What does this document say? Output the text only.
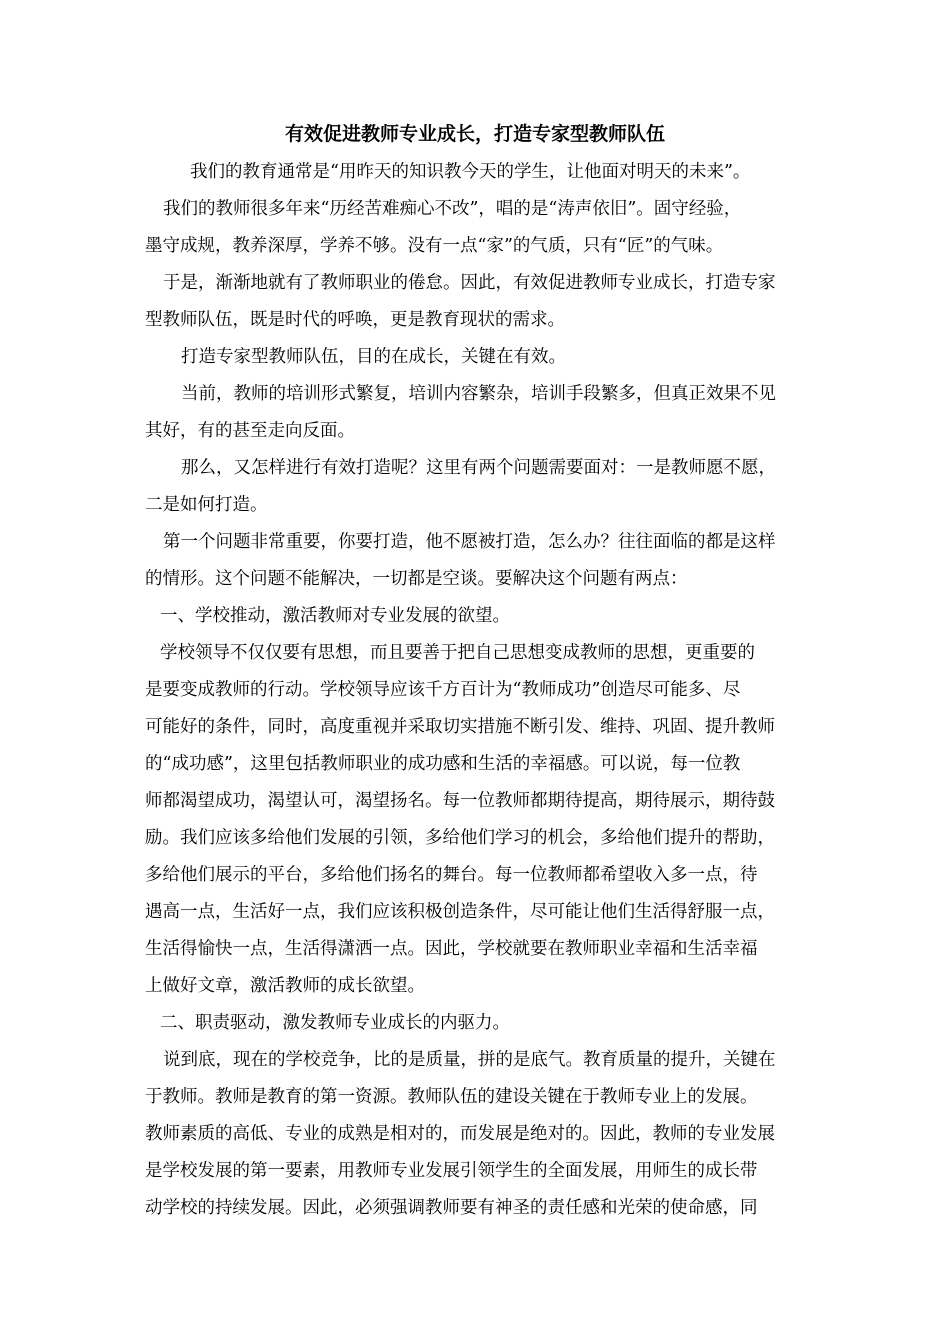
有效促进教师专业成长，打造专家型教师队伍
我们的教育通常是“用昨天的知识教今天的学生，让他面对明天的未来”。
我们的教师很多年来“历经苦难痴心不改”，唱的是“涛声依旧”。固守经验，
墨守成规，教养深厚，学养不够。没有一点“家”的气质，只有“匠”的气味。
于是，渐渐地就有了教师职业的倦怠。因此，有效促进教师专业成长，打造专家
型教师队伍，既是时代的呼唤，更是教育现状的需求。
打造专家型教师队伍，目的在成长，关键在有效。
当前，教师的培训形式繁复，培训内容繁杂，培训手段繁多，但真正效果不见
其好，有的甚至走向反面。
那么，又怎样进行有效打造呢？这里有两个问题需要面对：一是教师愿不愿，
二是如何打造。
第一个问题非常重要，你要打造，他不愿被打造，怎么办？往往面临的都是这样
的情形。这个问题不能解决，一切都是空谈。要解决这个问题有两点：
一、学校推动，激活教师对专业发展的欲望。
学校领导不仅仅要有思想，而且要善于把自己思想变成教师的思想，更重要的
是要变成教师的行动。学校领导应该千方百计为“教师成功”创造尽可能多、尽
可能好的条件，同时，高度重视并采取切实措施不断引发、维持、巩固、提升教师
的“成功感”，这里包括教师职业的成功感和生活的幸福感。可以说，每一位教
师都渴望成功，渴望认可，渴望扬名。每一位教师都期待提高，期待展示，期待鼓
励。我们应该多给他们发展的引领，多给他们学习的机会，多给他们提升的帮助，
多给他们展示的平台，多给他们扬名的舞台。每一位教师都希望收入多一点，待
遇高一点，生活好一点，我们应该积极创造条件，尽可能让他们生活得舒服一点，
生活得愉快一点，生活得潇洒一点。因此，学校就要在教师职业幸福和生活幸福
上做好文章，激活教师的成长欲望。
二、职责驱动，激发教师专业成长的内驱力。
说到底，现在的学校竞争，比的是质量，拼的是底气。教育质量的提升，关键在
于教师。教师是教育的第一资源。教师队伍的建设关键在于教师专业上的发展。
教师素质的高低、专业的成熟是相对的，而发展是绝对的。因此，教师的专业发展
是学校发展的第一要素，用教师专业发展引领学生的全面发展，用师生的成长带
动学校的持续发展。因此，必须强调教师要有神圣的责任感和光荣的使命感，同
